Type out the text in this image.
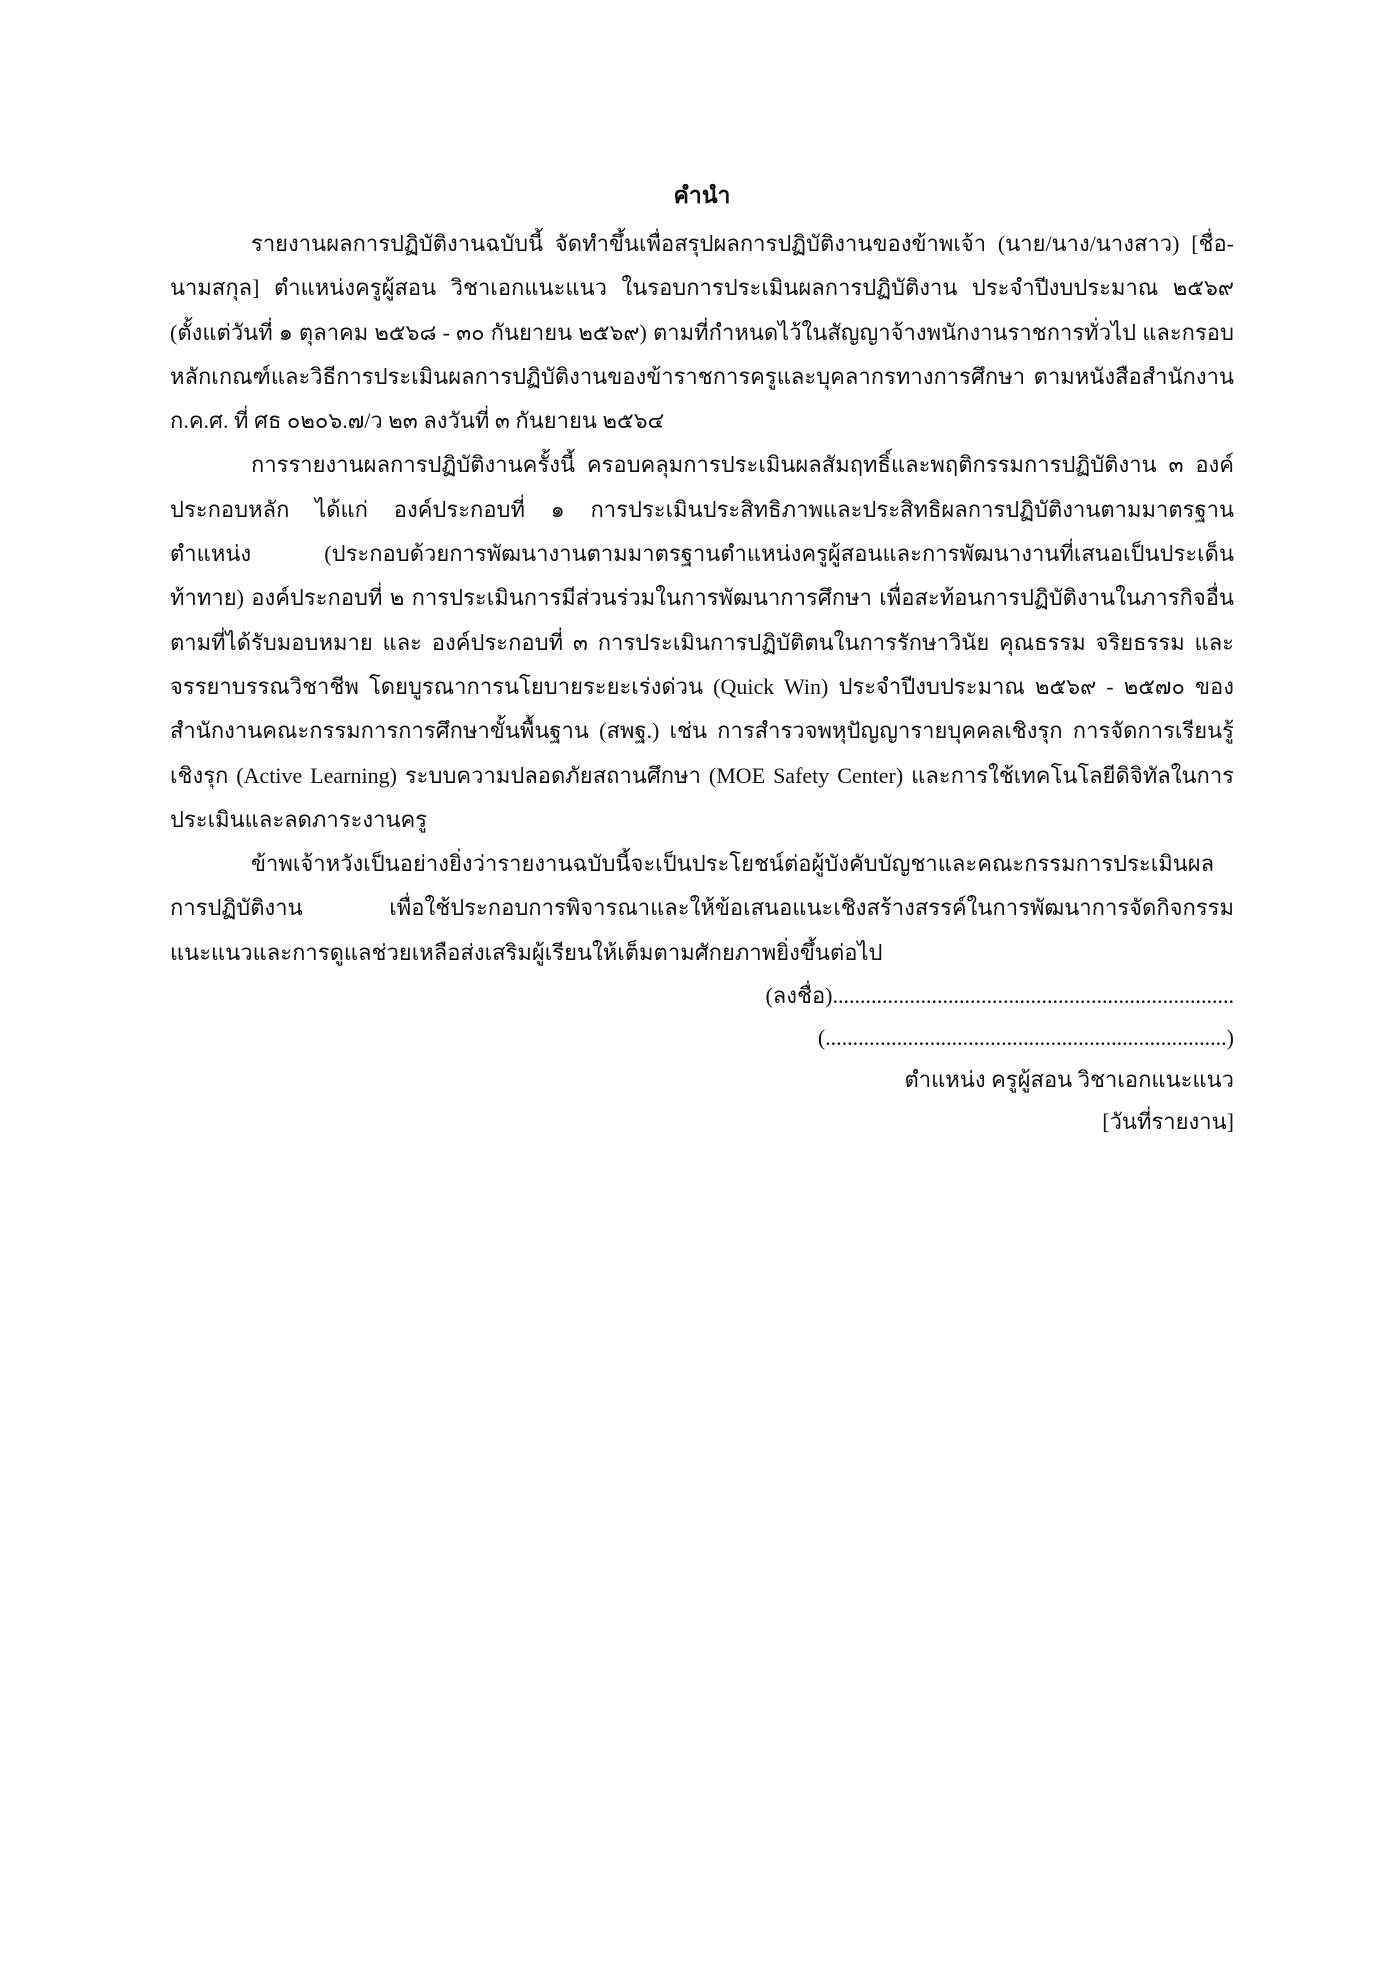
คำนำ

รายงานผลการปฏิบัติงานฉบับนี้ จัดทำขึ้นเพื่อสรุปผลการปฏิบัติงานของข้าพเจ้า (นาย/นาง/นางสาว) [ชื่อ-นามสกุล] ตำแหน่งครูผู้สอน วิชาเอกแนะแนว ในรอบการประเมินผลการปฏิบัติงาน ประจำปีงบประมาณ ๒๕๖๙ (ตั้งแต่วันที่ ๑ ตุลาคม ๒๕๖๘ - ๓๐ กันยายน ๒๕๖๙) ตามที่กำหนดไว้ในสัญญาจ้างพนักงานราชการทั่วไป และกรอบหลักเกณฑ์และวิธีการประเมินผลการปฏิบัติงานของข้าราชการครูและบุคลากรทางการศึกษา ตามหนังสือสำนักงาน ก.ค.ศ. ที่ ศธ ๐๒๐๖.๗/ว ๒๓ ลงวันที่ ๓ กันยายน ๒๕๖๔

การรายงานผลการปฏิบัติงานครั้งนี้ ครอบคลุมการประเมินผลสัมฤทธิ์และพฤติกรรมการปฏิบัติงาน ๓ องค์ประกอบหลัก ได้แก่ องค์ประกอบที่ ๑ การประเมินประสิทธิภาพและประสิทธิผลการปฏิบัติงานตามมาตรฐานตำแหน่ง (ประกอบด้วยการพัฒนางานตามมาตรฐานตำแหน่งครูผู้สอนและการพัฒนางานที่เสนอเป็นประเด็นท้าทาย) องค์ประกอบที่ ๒ การประเมินการมีส่วนร่วมในการพัฒนาการศึกษา เพื่อสะท้อนการปฏิบัติงานในภารกิจอื่นตามที่ได้รับมอบหมาย และ องค์ประกอบที่ ๓ การประเมินการปฏิบัติตนในการรักษาวินัย คุณธรรม จริยธรรม และจรรยาบรรณวิชาชีพ โดยบูรณาการนโยบายระยะเร่งด่วน (Quick Win) ประจำปีงบประมาณ ๒๕๖๙ - ๒๕๗๐ ของสำนักงานคณะกรรมการการศึกษาขั้นพื้นฐาน (สพฐ.) เช่น การสำรวจพหุปัญญารายบุคคลเชิงรุก การจัดการเรียนรู้เชิงรุก (Active Learning) ระบบความปลอดภัยสถานศึกษา (MOE Safety Center) และการใช้เทคโนโลยีดิจิทัลในการประเมินและลดภาระงานครู

ข้าพเจ้าหวังเป็นอย่างยิ่งว่ารายงานฉบับนี้จะเป็นประโยชน์ต่อผู้บังคับบัญชาและคณะกรรมการประเมินผลการปฏิบัติงาน เพื่อใช้ประกอบการพิจารณาและให้ข้อเสนอแนะเชิงสร้างสรรค์ในการพัฒนาการจัดกิจกรรมแนะแนวและการดูแลช่วยเหลือส่งเสริมผู้เรียนให้เต็มตามศักยภาพยิ่งขึ้นต่อไป

(ลงชื่อ).........................................................................

(.........................................................................)

ตำแหน่ง ครูผู้สอน วิชาเอกแนะแนว

[วันที่รายงาน]
